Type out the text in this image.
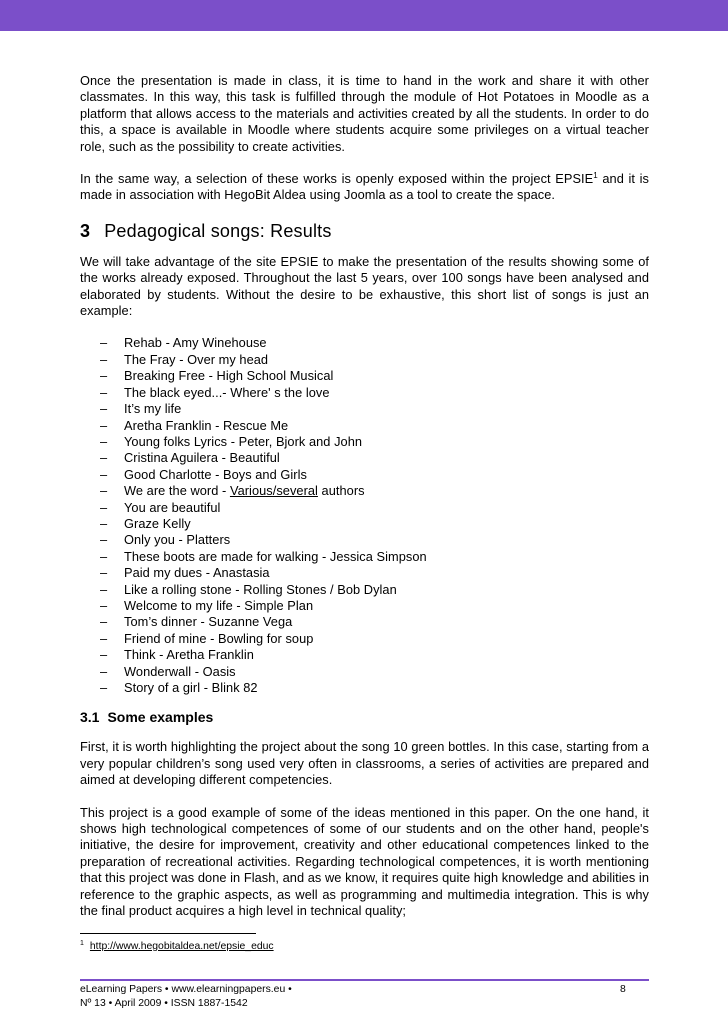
Once the presentation is made in class, it is time to hand in the work and share it with other classmates. In this way, this task is fulfilled through the module of Hot Potatoes in Moodle as a platform that allows access to the materials and activities created by all the students. In order to do this, a space is available in Moodle where students acquire some privileges on a virtual teacher role, such as the possibility to create activities.

In the same way, a selection of these works is openly exposed within the project EPSIE$^1$ and it is made in association with HegoBit Aldea using Joomla as a tool to create the space.

3 Pedagogical songs: Results

We will take advantage of the site EPSIE to make the presentation of the results showing some of the works already exposed. Throughout the last 5 years, over 100 songs have been analysed and elaborated by students. Without the desire to be exhaustive, this short list of songs is just an example:

– Rehab - Amy Winehouse
– The Fray - Over my head
– Breaking Free - High School Musical
– The black eyed...- Where' s the love
– It’s my life
– Aretha Franklin - Rescue Me
– Young folks Lyrics - Peter, Bjork and John
– Cristina Aguilera - Beautiful
– Good Charlotte - Boys and Girls
– We are the word - Various/several authors
– You are beautiful
– Graze Kelly
– Only you - Platters
– These boots are made for walking - Jessica Simpson
– Paid my dues - Anastasia
– Like a rolling stone - Rolling Stones / Bob Dylan
– Welcome to my life - Simple Plan
– Tom’s dinner - Suzanne Vega
– Friend of mine - Bowling for soup
– Think - Aretha Franklin
– Wonderwall - Oasis
– Story of a girl - Blink 82
3.1 Some examples

First, it is worth highlighting the project about the song 10 green bottles. In this case, starting from a very popular children’s song used very often in classrooms, a series of activities are prepared and aimed at developing different competencies.

This project is a good example of some of the ideas mentioned in this paper. On the one hand, it shows high technological competences of some of our students and on the other hand, people's initiative, the desire for improvement, creativity and other educational competences linked to the preparation of recreational activities. Regarding technological competences, it is worth mentioning that this project was done in Flash, and as we know, it requires quite high knowledge and abilities in reference to the graphic aspects, as well as programming and multimedia integration. This is why the final product acquires a high level in technical quality;

$^1$ http://www.hegobitaldea.net/epsie_educ
eLearning Papers • www.elearningpapers.eu •
Nº 13 • April 2009 • ISSN 1887-1542
8
